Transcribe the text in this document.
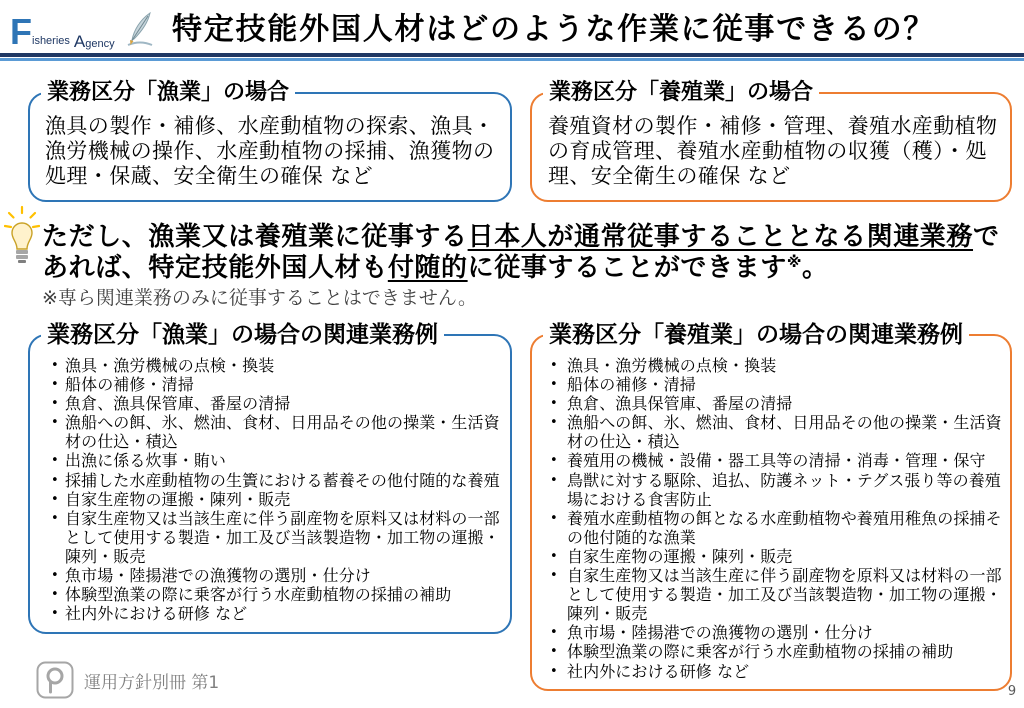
Fisheries Agency 特定技能外国人材はどのような作業に従事できるの？
業務区分「漁業」の場合

漁具の製作・補修、水産動植物の探索、漁具・漁労機械の操作、水産動植物の採捕、漁獲物の処理・保蔵、安全衛生の確保 など

業務区分「養殖業」の場合

養殖資材の製作・補修・管理、養殖水産動植物の育成管理、養殖水産動植物の収獲（穫）・処理、安全衛生の確保 など

ただし、漁業又は養殖業に従事する日本人が通常従事することとなる関連業務で
あれば、特定技能外国人材も付随的に従事することができます※。

※専ら関連業務のみに従事することはできません。

業務区分「漁業」の場合の関連業務例
• 漁具・漁労機械の点検・換装
• 船体の補修・清掃
• 魚倉、漁具保管庫、番屋の清掃
• 漁船への餌、氷、燃油、食材、日用品その他の操業・生活資材の仕込・積込
• 出漁に係る炊事・賄い
• 採捕した水産動植物の生簀における蓄養その他付随的な養殖
• 自家生産物の運搬・陳列・販売
• 自家生産物又は当該生産に伴う副産物を原料又は材料の一部として使用する製造・加工及び当該製造物・加工物の運搬・陳列・販売
• 魚市場・陸揚港での漁獲物の選別・仕分け
• 体験型漁業の際に乗客が行う水産動植物の採捕の補助
• 社内外における研修 など
業務区分「養殖業」の場合の関連業務例
• 漁具・漁労機械の点検・換装
• 船体の補修・清掃
• 魚倉、漁具保管庫、番屋の清掃
• 漁船への餌、氷、燃油、食材、日用品その他の操業・生活資材の仕込・積込
• 養殖用の機械・設備・器工具等の清掃・消毒・管理・保守
• 鳥獣に対する駆除、追払、防護ネット・テグス張り等の養殖場における食害防止
• 養殖水産動植物の餌となる水産動植物や養殖用稚魚の採捕その他付随的な漁業
• 自家生産物の運搬・陳列・販売
• 自家生産物又は当該生産に伴う副産物を原料又は材料の一部として使用する製造・加工及び当該製造物・加工物の運搬・陳列・販売
• 魚市場・陸揚港での漁獲物の選別・仕分け
• 体験型漁業の際に乗客が行う水産動植物の採捕の補助
• 社内外における研修 など
運用方針別冊 第1	9
